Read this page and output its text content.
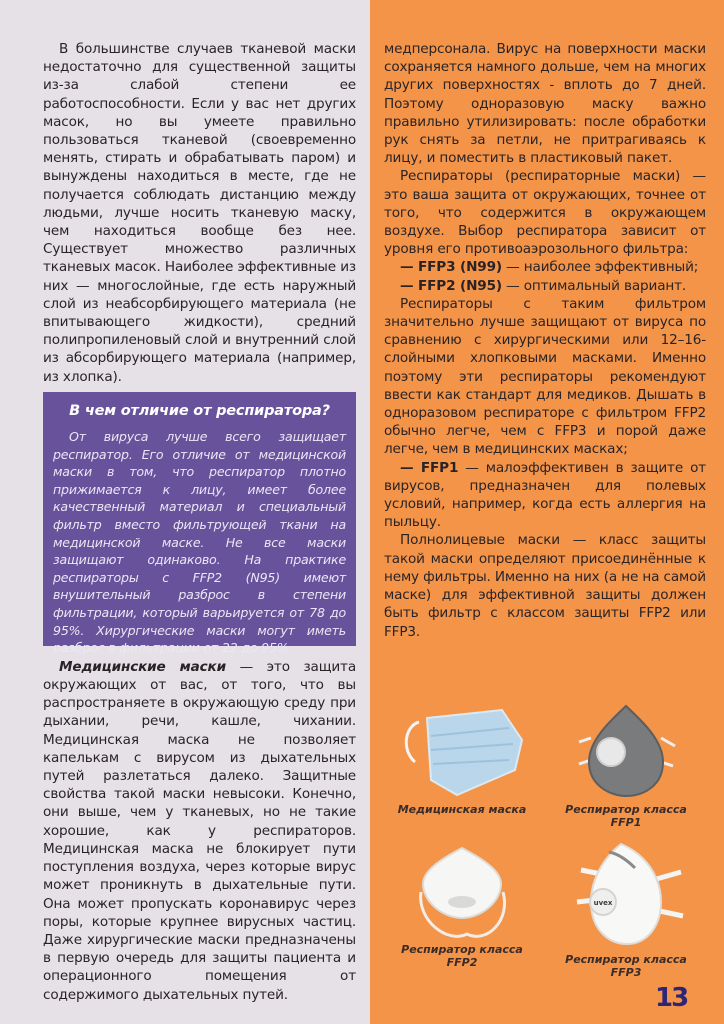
В большинстве случаев тканевой маски недостаточно для существенной защиты из-за слабой степени ее работоспособности. Если у вас нет других масок, но вы умеете правильно пользоваться тканевой (своевременно менять, стирать и обрабатывать паром) и вынуждены находиться в месте, где не получается соблюдать дистанцию между людьми, лучше носить тканевую маску, чем находиться вообще без нее. Существует множество различных тканевых масок. Наиболее эффективные из них — многослойные, где есть наружный слой из неабсорбирующего материала (не впитывающего жидкости), средний полипропиленовый слой и внутренний слой из абсорбирующего материала (например, из хлопка).

В чем отличие от респиратора?

От вируса лучше всего защищает респиратор. Его отличие от медицинской маски в том, что респиратор плотно прижимается к лицу, имеет более качественный материал и специальный фильтр вместо фильтрующей ткани на медицинской маске. Не все маски защищают одинаково. На практике респираторы с FFP2 (N95) имеют внушительный разброс в степени фильтрации, который варьируется от 78 до 95%. Хирургические маски могут иметь разброс в фильтрации от 22 до 95%.

Медицинские маски — это защита окружающих от вас, от того, что вы распространяете в окружающую среду при дыхании, речи, кашле, чихании. Медицинская маска не позволяет капелькам с вирусом из дыхательных путей разлетаться далеко. Защитные свойства такой маски невысоки. Конечно, они выше, чем у тканевых, но не такие хорошие, как у респираторов. Медицинская маска не блокирует пути поступления воздуха, через которые вирус может проникнуть в дыхательные пути. Она может пропускать коронавирус через поры, которые крупнее вирусных частиц. Даже хирургические маски предназначены в первую очередь для защиты пациента и операционного помещения от содержимого дыхательных путей.

медперсонала. Вирус на поверхности маски сохраняется намного дольше, чем на многих других поверхностях - вплоть до 7 дней. Поэтому одноразовую маску важно правильно утилизировать: после обработки рук снять за петли, не притрагиваясь к лицу, и поместить в пластиковый пакет.

Респираторы (респираторные маски) — это ваша защита от окружающих, точнее от того, что содержится в окружающем воздухе. Выбор респиратора зависит от уровня его противоаэрозольного фильтра:

— FFP3 (N99) — наиболее эффективный;

— FFP2 (N95) — оптимальный вариант.

Респираторы с таким фильтром значительно лучше защищают от вируса по сравнению с хирургическими или 12–16-слойными хлопковыми масками. Именно поэтому эти респираторы рекомендуют ввести как стандарт для медиков. Дышать в одноразовом респираторе с фильтром FFP2 обычно легче, чем с FFP3 и порой даже легче, чем в медицинских масках;

— FFP1 — малоэффективен в защите от вирусов, предназначен для полевых условий, например, когда есть аллергия на пыльцу.

Полнолицевые маски — класс защиты такой маски определяют присоединённые к нему фильтры. Именно на них (а не на самой маске) для эффективной защиты должен быть фильтр с классом защиты FFP2 или FFP3.

Медицинская маска	Респиратор класса
FFP1
Респиратор класса
FFP2
uvex
Респиратор класса
FFP3
13
